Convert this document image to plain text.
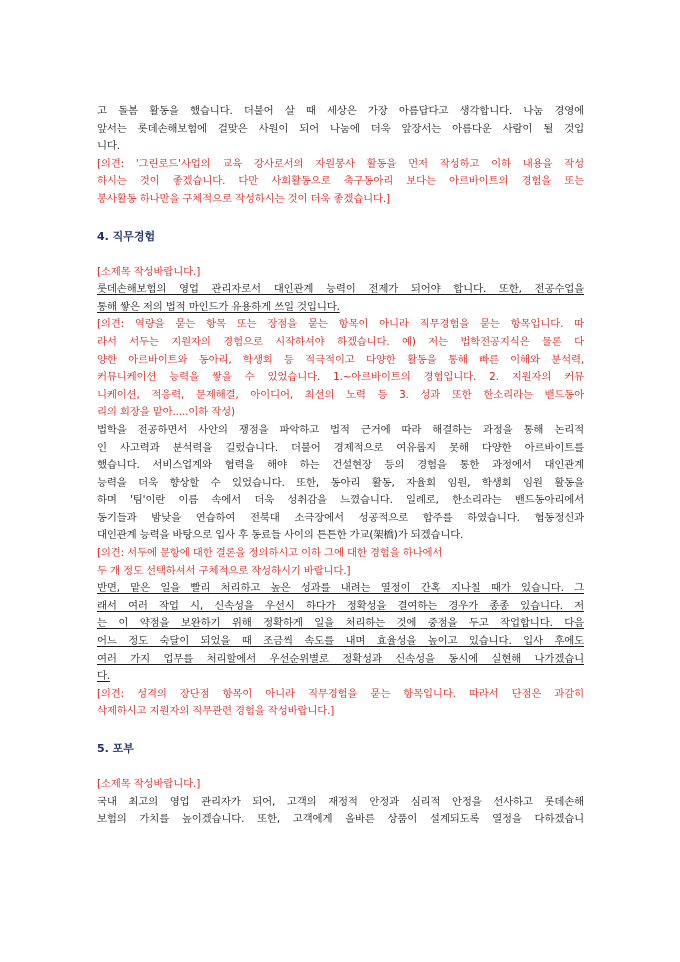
고 돌봄 활동을 했습니다. 더불어 살 때 세상은 가장 아름답다고 생각합니다. 나눔 경영에
앞서는 롯데손해보험에 걸맞은 사원이 되어 나눔에 더욱 앞장서는 아름다운 사람이 될 것입
니다.
[의견: '그린로드'사업의 교육 강사로서의 자원봉사 활동을 먼저 작성하고 이하 내용을 작성
하시는 것이 좋겠습니다. 다만 사회활동으로 축구동아리 보다는 아르바이트의 경험을 또는
봉사활동 하나만을 구체적으로 작성하시는 것이 더욱 좋겠습니다.]
4. 직무경험
[소제목 작성바랍니다.]
롯데손해보험의 영업 관리자로서 대인관계 능력이 전제가 되어야 합니다. 또한, 전공수업을
통해 쌓은 저의 법적 마인드가 유용하게 쓰일 것입니다.
[의견: 역량을 묻는 항목 또는 장점을 묻는 항목이 아니라 직무경험을 묻는 항목입니다. 따
라서 서두는 지원자의 경험으로 시작하셔야 하겠습니다. 예) 저는 법학전공지식은 물론 다
양한 아르바이트와 동아리, 학생회 등 적극적이고 다양한 활동을 통해 빠른 이해와 분석력,
커뮤니케이션 능력을 쌓을 수 있었습니다. 1.~아르바이트의 경험입니다. 2. 지원자의 커뮤
니케이션, 적응력, 문제해결, 아이디어, 최선의 노력 등 3. 성과 또한 한소리라는 밴드동아
리의 회장을 맡아.....이하 작성)
법학을 전공하면서 사안의 쟁점을 파악하고 법적 근거에 따라 해결하는 과정을 통해 논리적
인 사고력과 분석력을 길렀습니다. 더불어 경제적으로 여유롭지 못해 다양한 아르바이트를
했습니다. 서비스업계와 협력을 해야 하는 건설현장 등의 경험을 통한 과정에서 대인관계
능력을 더욱 향상할 수 있었습니다. 또한, 동아리 활동, 자율회 임원, 학생회 임원 활동을
하며 '팀'이란 이름 속에서 더욱 성취감을 느꼈습니다. 일례로, 한소리라는 밴드동아리에서
동기들과 밤낮을 연습하여 전북대 소극장에서 성공적으로 합주를 하였습니다. 협동정신과
대인관계 능력을 바탕으로 입사 후 동료들 사이의 튼튼한 가교(架橋)가 되겠습니다.
[의견: 서두에 문항에 대한 결론을 정의하시고 이하 그에 대한 경험을 하나에서
두 개 정도 선택하셔서 구체적으로 작성하시기 바랍니다.]
반면, 맡은 일을 빨리 처리하고 높은 성과를 내려는 열정이 간혹 지나칠 때가 있습니다. 그
래서 여러 작업 시, 신속성을 우선시 하다가 정확성을 결여하는 경우가 종종 있습니다. 저
는 이 약점을 보완하기 위해 정확하게 일을 처리하는 것에 중점을 두고 작업합니다. 다음
어느 정도 숙달이 되었을 때 조금씩 속도를 내며 효율성을 높이고 있습니다. 입사 후에도
여러 가지 업무를 처리할에서 우선순위별로 정확성과 신속성을 동시에 실현해 나가겠습니
다.
[의견: 성격의 장단점 항목이 아니라 직무경험을 묻는 항목입니다. 따라서 단점은 과감히
삭제하시고 지원자의 직무관련 경험을 작성바랍니다.]
5. 포부
[소제목 작성바랍니다.]
국내 최고의 영업 관리자가 되어, 고객의 재정적 안정과 심리적 안정을 선사하고 롯데손해
보험의 가치를 높이겠습니다. 또한, 고객에게 올바른 상품이 설계되도록 열정을 다하겠습니
